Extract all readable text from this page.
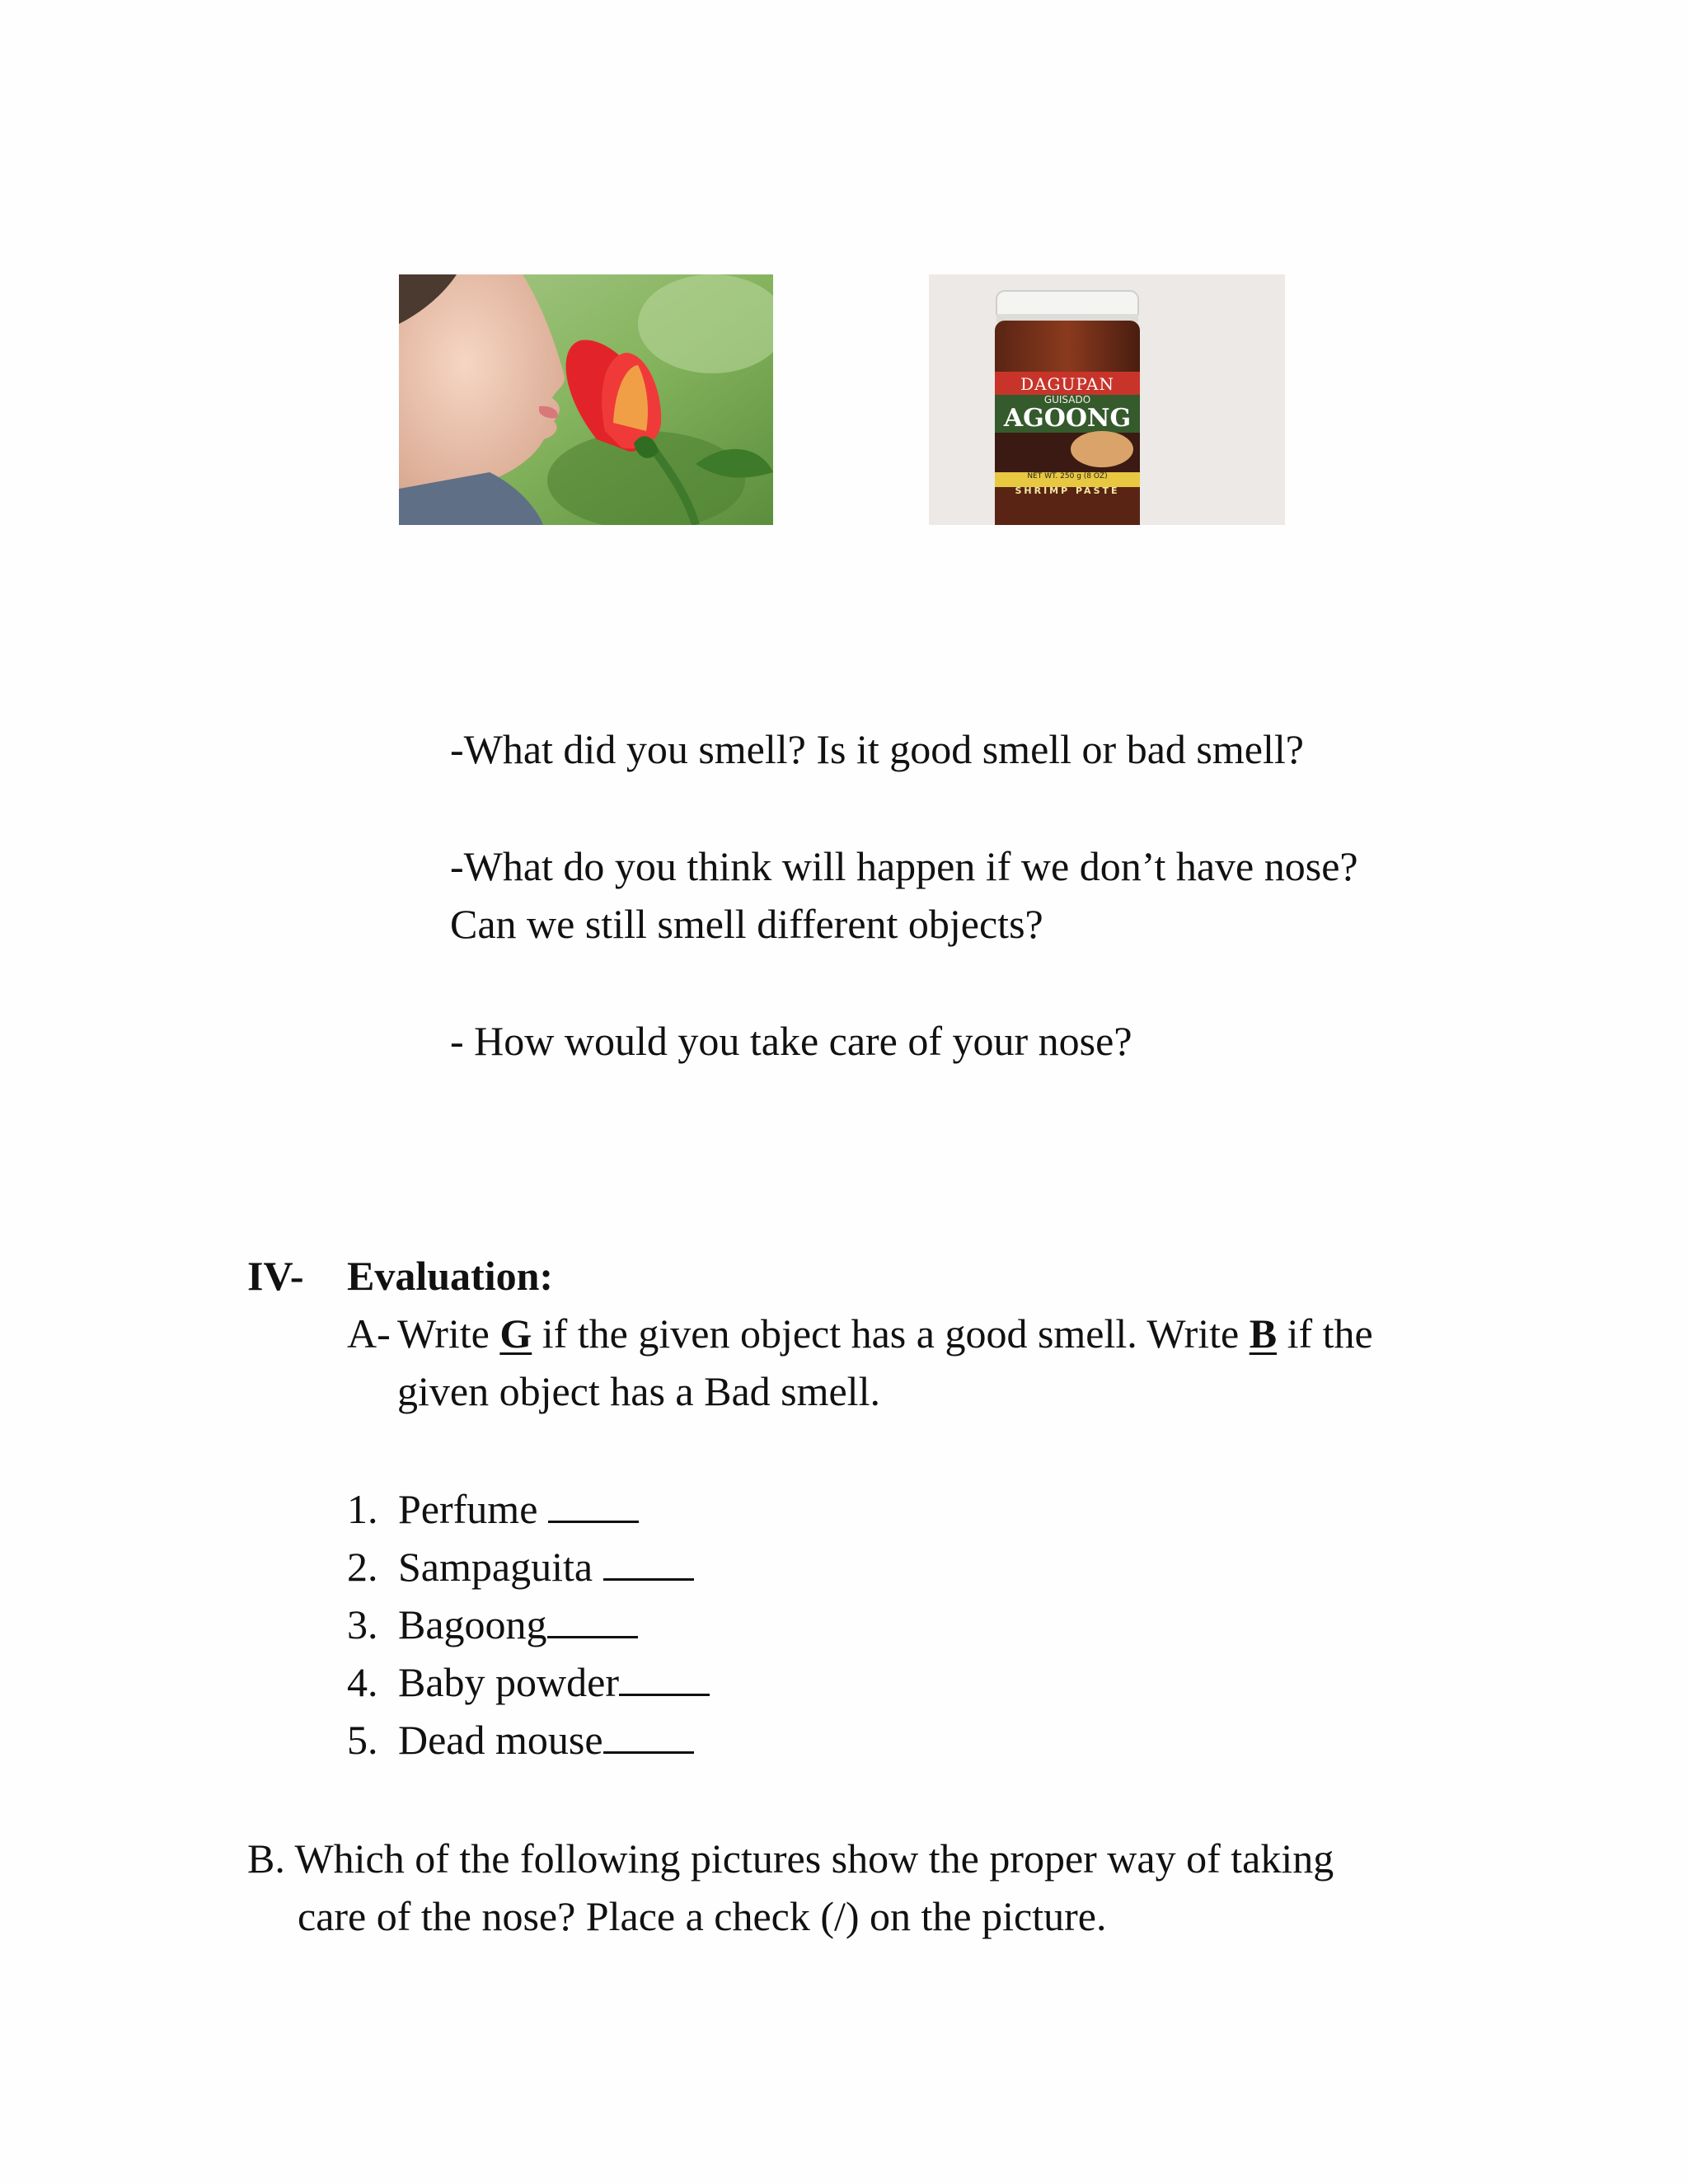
DAGUPAN
GUISADO
AGOONG
NET WT. 250 g (8 OZ)
SHRIMP PASTE
-What did you smell? Is it good smell or bad smell?
-What do you think will happen if we don’t have nose?
Can we still smell different objects?
- How would you take care of your nose?
IV- Evaluation:
A- Write G if the given object has a good smell. Write B if the
given object has a Bad smell.
1. Perfume
2. Sampaguita
3. Bagoong
4. Baby powder
5. Dead mouse
B. Which of the following pictures show the proper way of taking
care of the nose? Place a check (/) on the picture.
